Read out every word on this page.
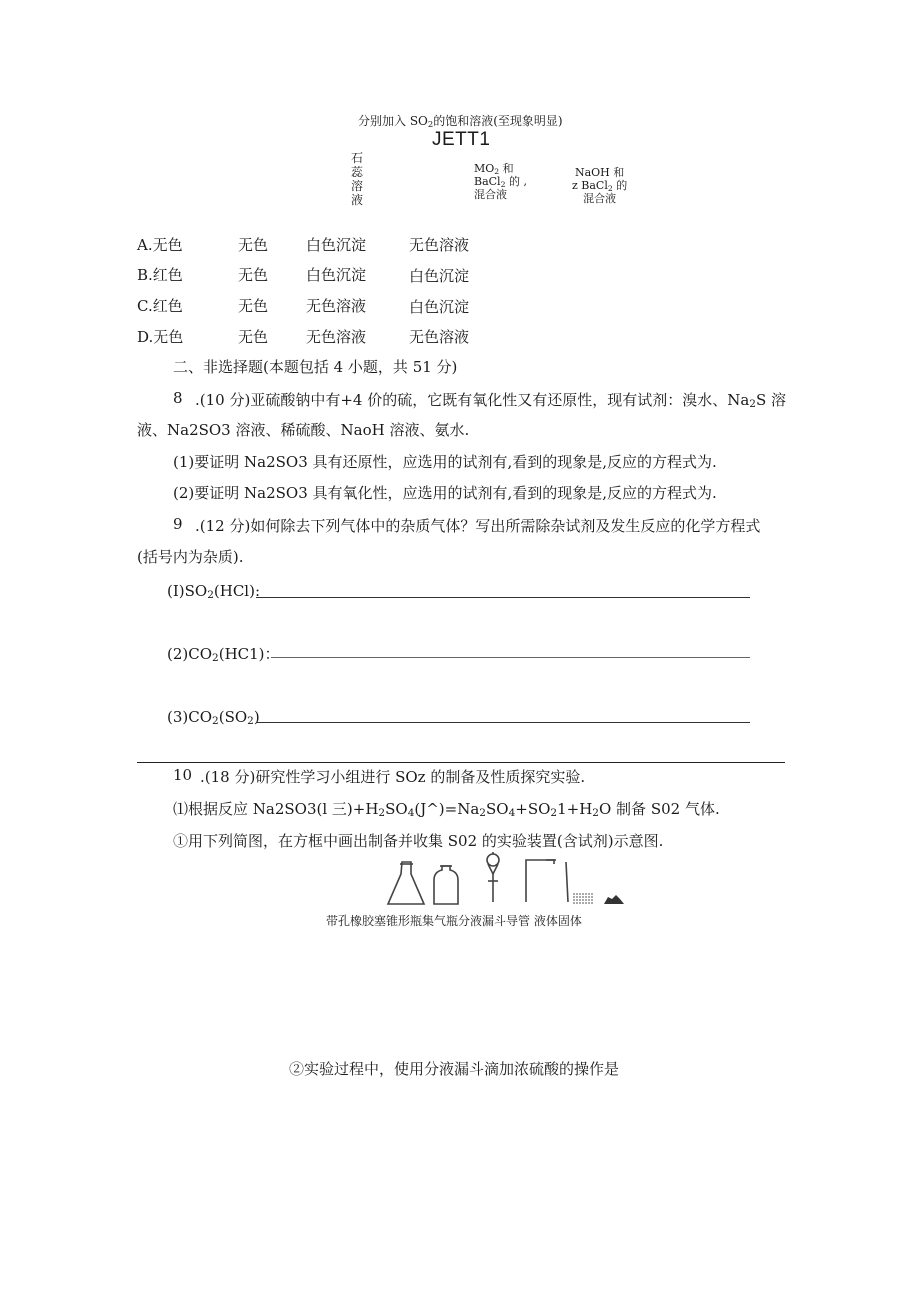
分别加入 $SO_2$的饱和溶液(至现象明显)
JETT1
石蕊溶液
$MO_2$ 和
BaCl$_2$ 的 ,
混合液
NaOH 和
z BaCl$_2$ 的
混合液
A.无色	无色	白色沉淀	无色溶液
B.红色	无色	白色沉淀	白色沉淀
C.红色	无色	无色溶液	白色沉淀
D.无色	无色	无色溶液	无色溶液
二、非选择题(本题包括 4 小题，共 51 分)
8 .(10 分)亚硫酸钠中有+4 价的硫，它既有氧化性又有还原性，现有试剂：溴水、$Na_2S$ 溶
液、Na2SO3 溶液、稀硫酸、NaoH 溶液、氨水.
(1)要证明 Na2SO3 具有还原性，应选用的试剂有,看到的现象是,反应的方程式为.
(2)要证明 Na2SO3 具有氧化性，应选用的试剂有,看到的现象是,反应的方程式为.
9 .(12 分)如何除去下列气体中的杂质气体？写出所需除杂试剂及发生反应的化学方程式
(括号内为杂质).
$(I)SO_2(HCl)$:
$(2)CO_2(HC1)$：
$(3)CO_2(SO_2)$
10 .(18 分)研究性学习小组进行 SOz 的制备及性质探究实验.
⑴根据反应 Na2SO3(l 三)$+H_2SO_4(J\^{})=Na_2SO_4+SO_21+H_2O$ 制备 S02 气体.
①用下列简图，在方框中画出制备并收集 S02 的实验装置(含试剂)示意图.
带孔橡胶塞锥形瓶集气瓶分液漏斗导管 液体固体
②实验过程中，使用分液漏斗滴加浓硫酸的操作是
